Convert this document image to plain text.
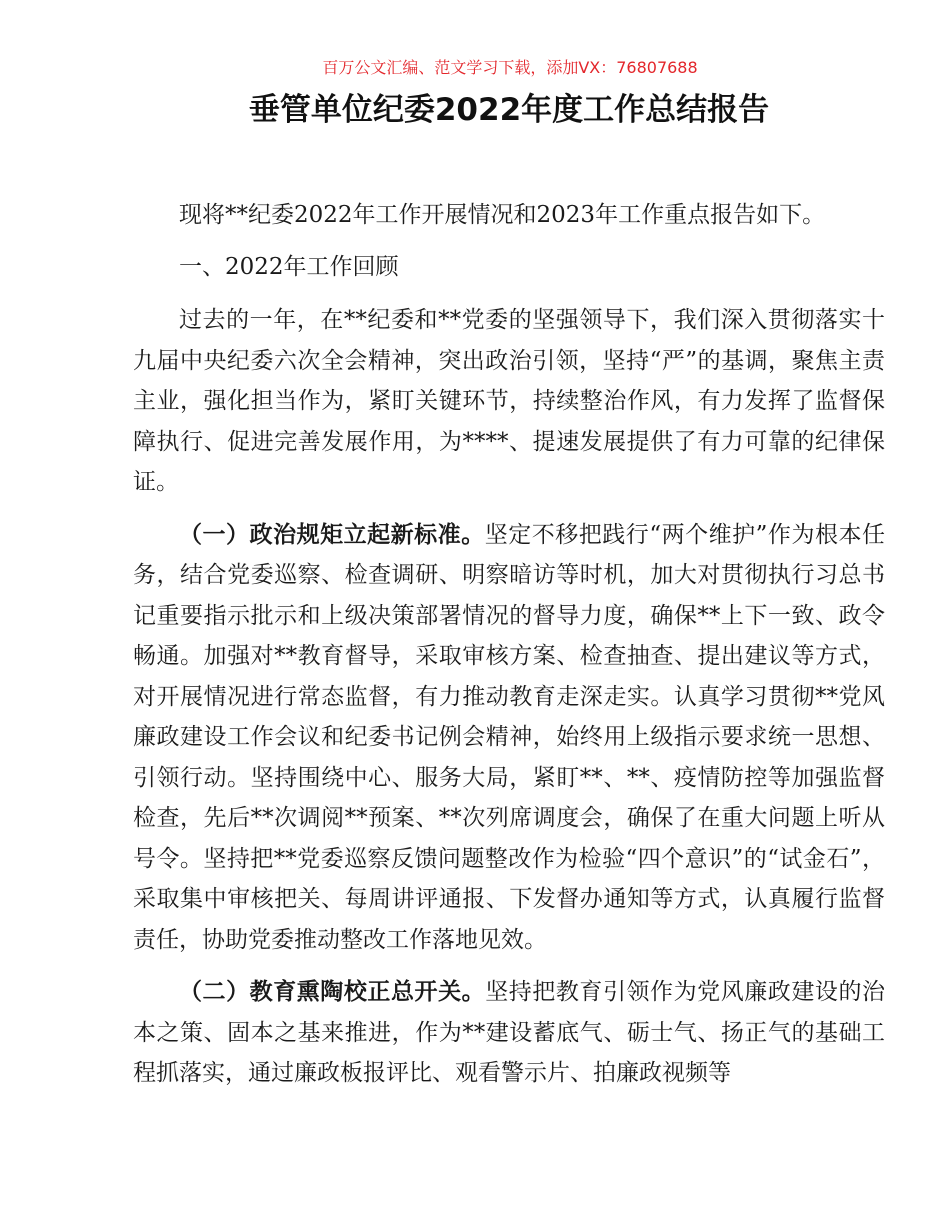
百万公文汇编、范文学习下载，添加VX：76807688
垂管单位纪委2022年度工作总结报告

现将**纪委2022年工作开展情况和2023年工作重点报告如下。

一、2022年工作回顾

过去的一年，在**纪委和**党委的坚强领导下，我们深入贯彻落实十九届中央纪委六次全会精神，突出政治引领，坚持“严”的基调，聚焦主责主业，强化担当作为，紧盯关键环节，持续整治作风，有力发挥了监督保障执行、促进完善发展作用，为****、提速发展提供了有力可靠的纪律保证。

（一）政治规矩立起新标准。坚定不移把践行“两个维护”作为根本任务，结合党委巡察、检查调研、明察暗访等时机，加大对贯彻执行习总书记重要指示批示和上级决策部署情况的督导力度，确保**上下一致、政令畅通。加强对**教育督导，采取审核方案、检查抽查、提出建议等方式，对开展情况进行常态监督，有力推动教育走深走实。认真学习贯彻**党风廉政建设工作会议和纪委书记例会精神，始终用上级指示要求统一思想、引领行动。坚持围绕中心、服务大局，紧盯**、**、疫情防控等加强监督检查，先后**次调阅**预案、**次列席调度会，确保了在重大问题上听从号令。坚持把**党委巡察反馈问题整改作为检验“四个意识”的“试金石”，采取集中审核把关、每周讲评通报、下发督办通知等方式，认真履行监督责任，协助党委推动整改工作落地见效。

（二）教育熏陶校正总开关。坚持把教育引领作为党风廉政建设的治本之策、固本之基来推进，作为**建设蓄底气、砺士气、扬正气的基础工程抓落实，通过廉政板报评比、观看警示片、拍廉政视频等
